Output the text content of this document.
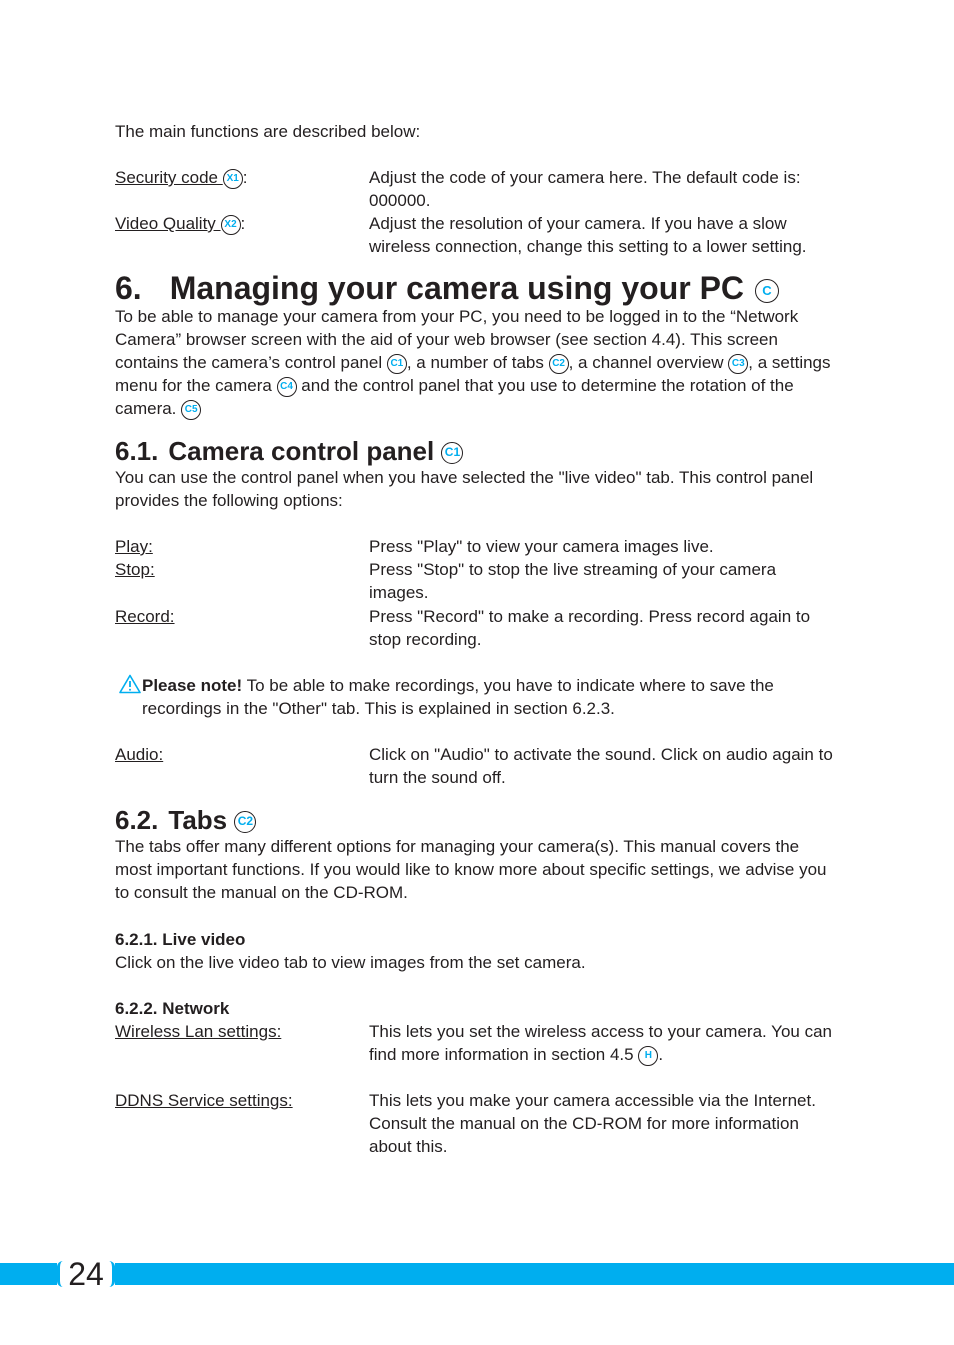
The main functions are described below:
Security code X1 :	Adjust the code of your camera here. The default code is: 000000.
Video Quality X2 :	Adjust the resolution of your camera. If you have a slow wireless connection, change this setting to a lower setting.
6. Managing your camera using your PC C
To be able to manage your camera from your PC, you need to be logged in to the “Network Camera” browser screen with the aid of your web browser (see section 4.4). This screen contains the camera’s control panel C1 , a number of tabs C2 , a channel overview C3 , a settings menu for the camera C4 and the control panel that you use to determine the rotation of the camera. C5
6.1. Camera control panel C1
You can use the control panel when you have selected the "live video" tab. This control panel provides the following options:
Play:	Press "Play" to view your camera images live.
Stop:	Press "Stop" to stop the live streaming of your camera images.
Record:	Press "Record" to make a recording. Press record again to stop recording.
Please note! To be able to make recordings, you have to indicate where to save the recordings in the "Other" tab. This is explained in section 6.2.3.
Audio:	Click on "Audio" to activate the sound. Click on audio again to turn the sound off.
6.2. Tabs C2
The tabs offer many different options for managing your camera(s). This manual covers the most important functions. If you would like to know more about specific settings, we advise you to consult the manual on the CD-ROM.
6.2.1. Live video
Click on the live video tab to view images from the set camera.
6.2.2. Network
Wireless Lan settings:	This lets you set the wireless access to your camera. You can find more information in section 4.5 H .
DDNS Service settings:	This lets you make your camera accessible via the Internet. Consult the manual on the CD-ROM for more information about this.
24
